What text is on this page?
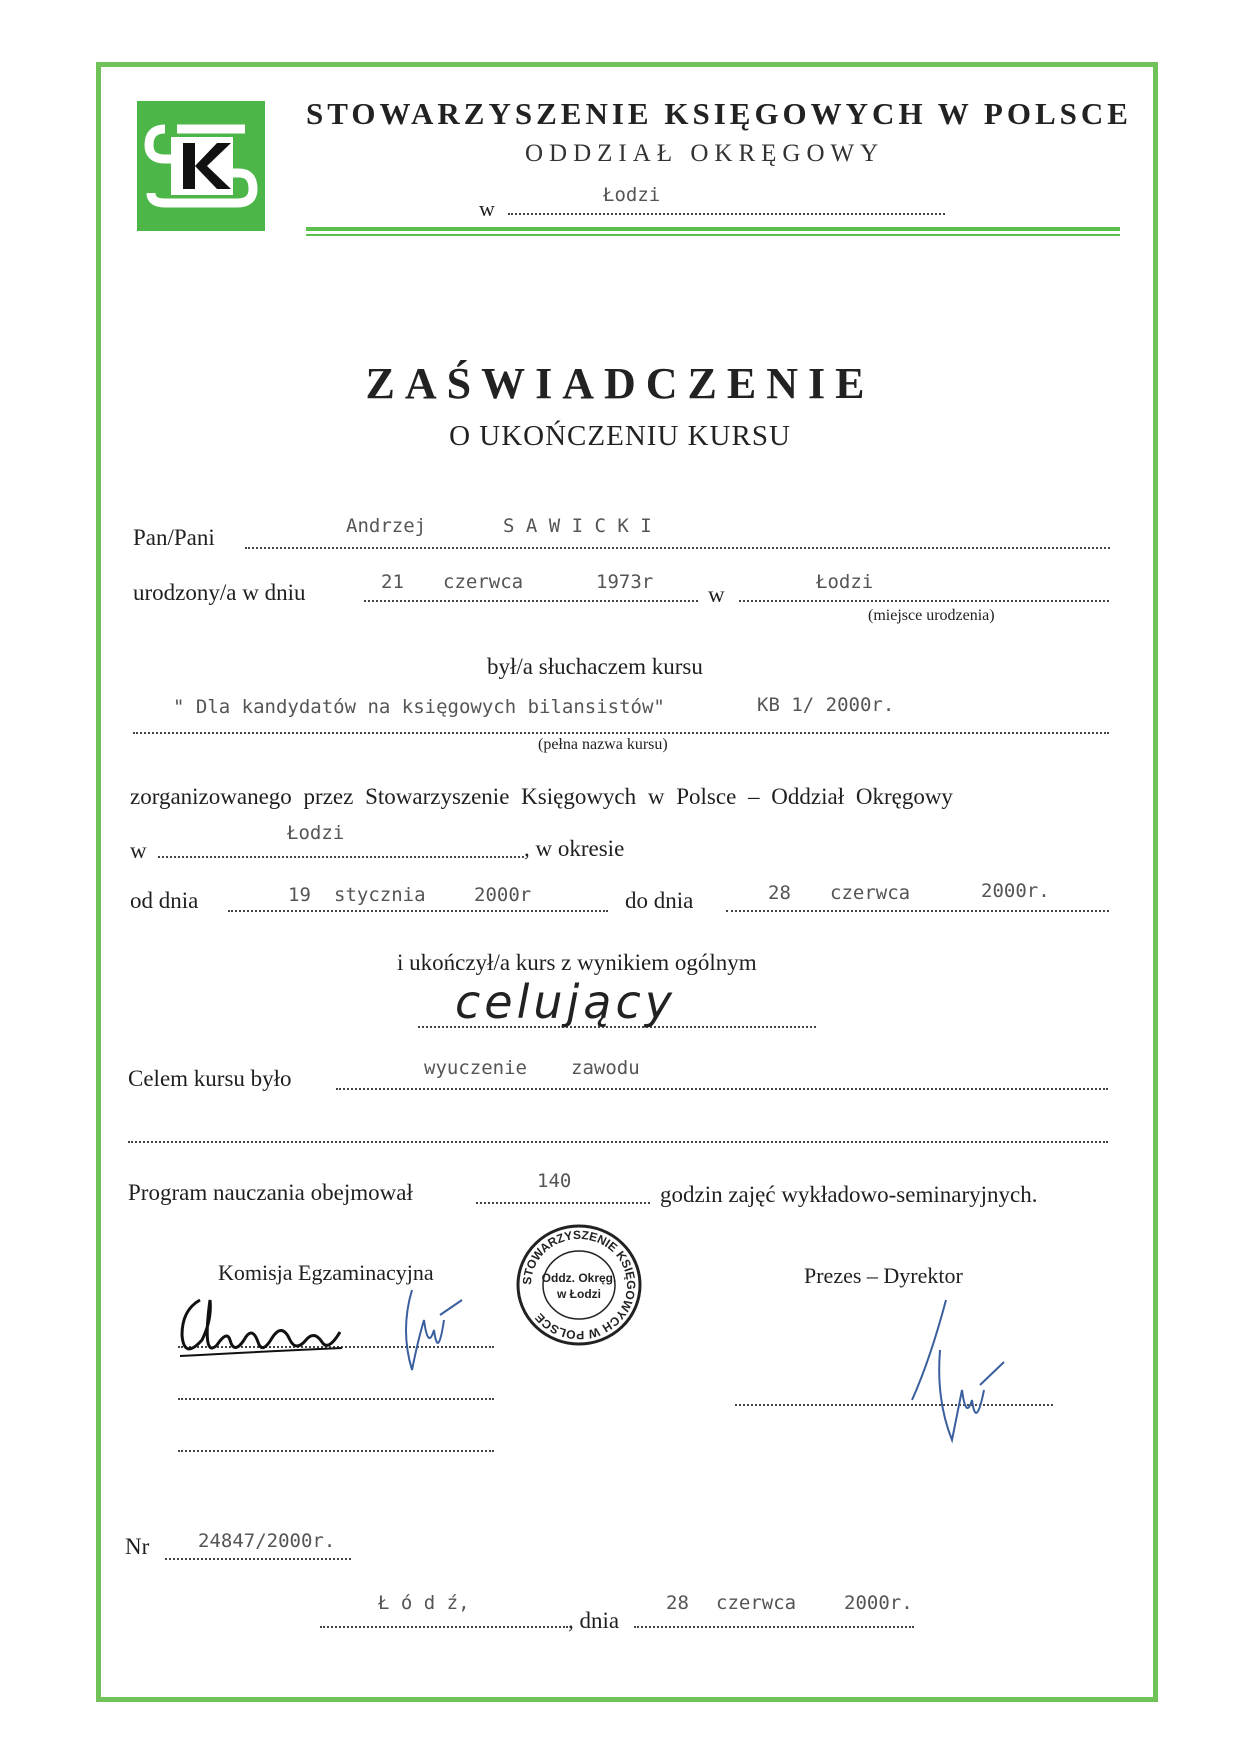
STOWARZYSZENIE KSIĘGOWYCH W POLSCE
ODDZIAŁ OKRĘGOWY
w
Łodzi
ZAŚWIADCZENIE
O UKOŃCZENIU KURSU
Pan/Pani	Andrzej	S A W I C K I
urodzony/a w dniu	21 czerwca	1973r w	Łodzi
(miejsce urodzenia)
był/a słuchaczem kursu
" Dla kandydatów na księgowych bilansistów"	KB 1/ 2000r.
(pełna nazwa kursu)
zorganizowanego przez Stowarzyszenie Księgowych w Polsce – Oddział Okręgowy
w
Łodzi
, w okresie
od dnia	19 stycznia	2000r	do dnia	28 czerwca	2000r.
i ukończył/a kurs z wynikiem ogólnym
celujący
Celem kursu było	wyuczenie zawodu
Program nauczania obejmował	140
godzin zajęć wykładowo-seminaryjnych.
Komisja Egzaminacyjna	Prezes – Dyrektor
STOWARZYSZENIE KSIĘGOWYCH W POLSCE
Oddz. Okręg.
w Łodzi
Nr	24847/2000r.
Ł ó d ź,
, dnia
28 czerwca	2000r.
